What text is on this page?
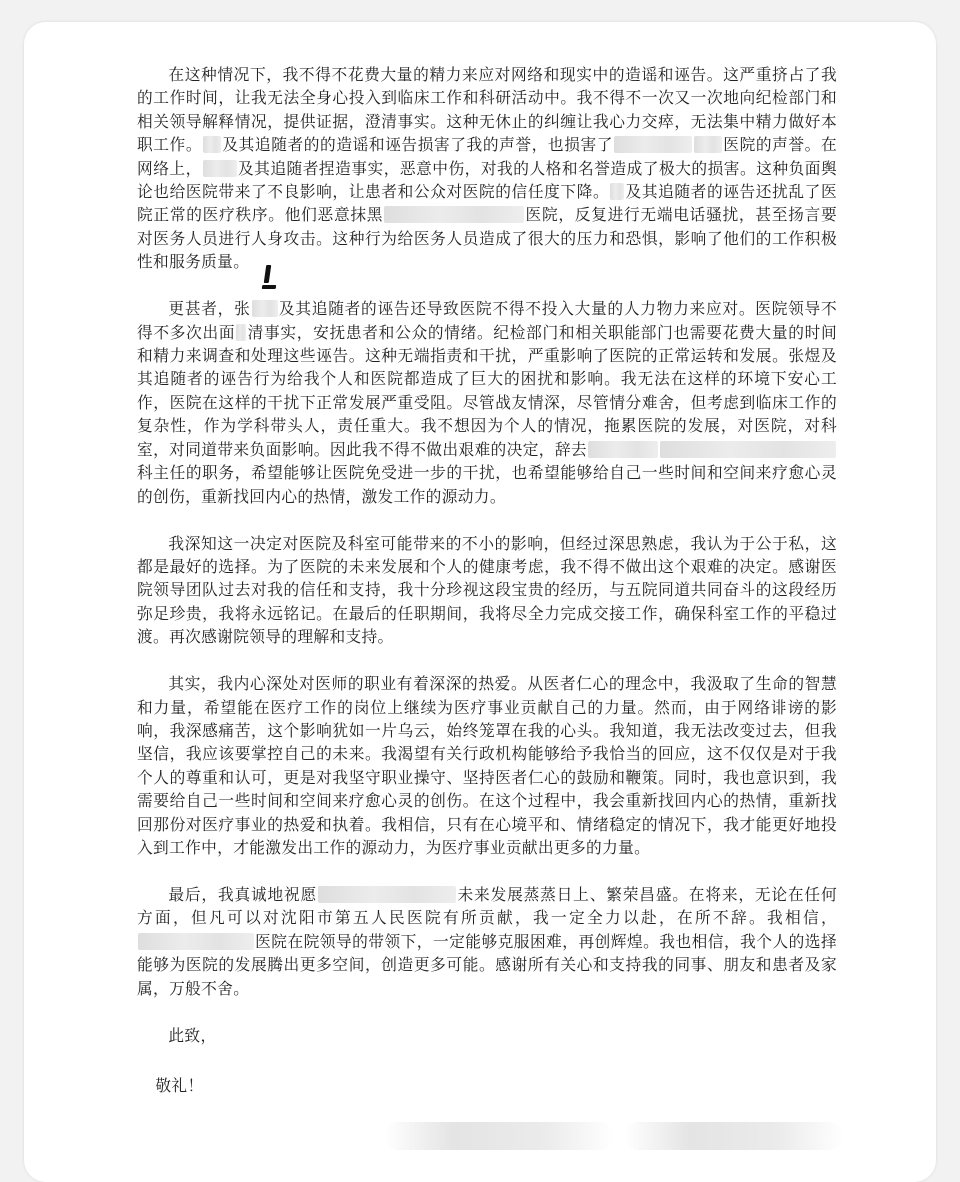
在这种情况下，我不得不花费大量的精力来应对网络和现实中的造谣和诬告。这严重挤占了我的工作时间，让我无法全身心投入到临床工作和科研活动中。我不得不一次又一次地向纪检部门和相关领导解释情况，提供证据，澄清事实。这种无休止的纠缠让我心力交瘁，无法集中精力做好本职工作。 及其追随者的的造谣和诬告损害了我的声誉，也损害了	医院的声誉。在网络上， 及其追随者捏造事实，恶意中伤，对我的人格和名誉造成了极大的损害。这种负面舆论也给医院带来了不良影响，让患者和公众对医院的信任度下降。 及其追随者的诬告还扰乱了医院正常的医疗秩序。他们恶意抹黑	医院，反复进行无端电话骚扰，甚至扬言要对医务人员进行人身攻击。这种行为给医务人员造成了很大的压力和恐惧，影响了他们的工作积极性和服务质量。

更甚者，张 及其追随者的诬告还导致医院不得不投入大量的人力物力来应对。医院领导不得不多次出面 清事实，安抚患者和公众的情绪。纪检部门和相关职能部门也需要花费大量的时间和精力来调查和处理这些诬告。这种无端指责和干扰，严重影响了医院的正常运转和发展。张煜及其追随者的诬告行为给我个人和医院都造成了巨大的困扰和影响。我无法在这样的环境下安心工作，医院在这样的干扰下正常发展严重受阻。尽管战友情深，尽管情分难舍，但考虑到临床工作的复杂性，作为学科带头人，责任重大。我不想因为个人的情况，拖累医院的发展，对医院，对科室，对同道带来负面影响。因此我不得不做出艰难的决定，辞去科主任的职务，希望能够让医院免受进一步的干扰，也希望能够给自己一些时间和空间来疗愈心灵的创伤，重新找回内心的热情，激发工作的源动力。

我深知这一决定对医院及科室可能带来的不小的影响，但经过深思熟虑，我认为于公于私，这都是最好的选择。为了医院的未来发展和个人的健康考虑，我不得不做出这个艰难的决定。感谢医院领导团队过去对我的信任和支持，我十分珍视这段宝贵的经历，与五院同道共同奋斗的这段经历弥足珍贵，我将永远铭记。在最后的任职期间，我将尽全力完成交接工作，确保科室工作的平稳过渡。再次感谢院领导的理解和支持。

其实，我内心深处对医师的职业有着深深的热爱。从医者仁心的理念中，我汲取了生命的智慧和力量，希望能在医疗工作的岗位上继续为医疗事业贡献自己的力量。然而，由于网络诽谤的影响，我深感痛苦，这个影响犹如一片乌云，始终笼罩在我的心头。我知道，我无法改变过去，但我坚信，我应该要掌控自己的未来。我渴望有关行政机构能够给予我恰当的回应，这不仅仅是对于我个人的尊重和认可，更是对我坚守职业操守、坚持医者仁心的鼓励和鞭策。同时，我也意识到，我需要给自己一些时间和空间来疗愈心灵的创伤。在这个过程中，我会重新找回内心的热情，重新找回那份对医疗事业的热爱和执着。我相信，只有在心境平和、情绪稳定的情况下，我才能更好地投入到工作中，才能激发出工作的源动力，为医疗事业贡献出更多的力量。

最后，我真诚地祝愿	未来发展蒸蒸日上、繁荣昌盛。在将来，无论在任何方面，但凡可以对沈阳市第五人民医院有所贡献，我一定全力以赴，在所不辞。我相信，医院在院领导的带领下，一定能够克服困难，再创辉煌。我也相信，我个人的选择能够为医院的发展腾出更多空间，创造更多可能。感谢所有关心和支持我的同事、朋友和患者及家属，万般不舍。

此致，

敬礼！
